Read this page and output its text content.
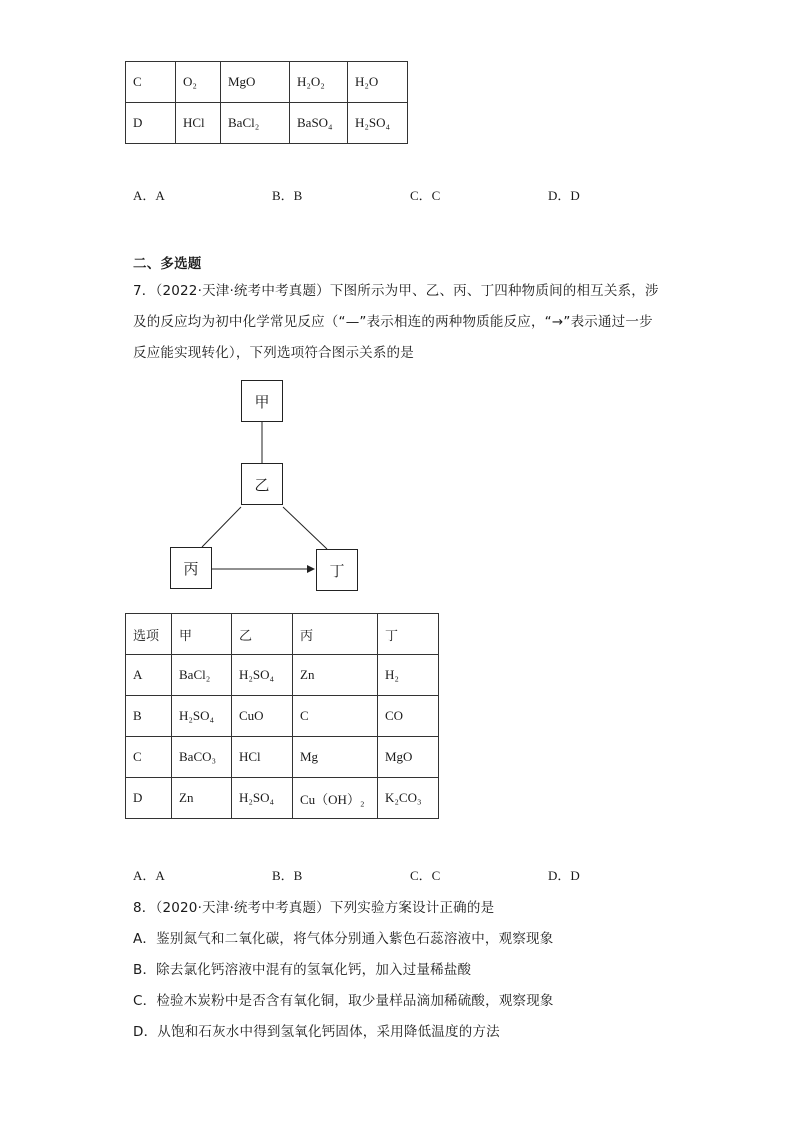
C	O₂	MgO	H₂O₂	H₂O
D	HCl	BaCl₂	BaSO₄	H₂SO₄
A．A	B．B	C．C	D．D
二、多选题
7．（2022·天津·统考中考真题）下图所示为甲、乙、丙、丁四种物质间的相互关系，涉
及的反应均为初中化学常见反应（“—”表示相连的两种物质能反应，“→”表示通过一步
反应能实现转化），下列选项符合图示关系的是
甲
乙
丙	丁
选项	甲	乙	丙	丁
A	BaCl₂	H₂SO₄	Zn	H₂
B	H₂SO₄	CuO	C	CO
C	BaCO₃	HCl	Mg	MgO
D	Zn	H₂SO₄	Cu（OH）₂	K₂CO₃
A．A	B．B	C．C	D．D
8．（2020·天津·统考中考真题）下列实验方案设计正确的是
A．鉴别氮气和二氧化碳，将气体分别通入紫色石蕊溶液中，观察现象
B．除去氯化钙溶液中混有的氢氧化钙，加入过量稀盐酸
C．检验木炭粉中是否含有氧化铜，取少量样品滴加稀硫酸，观察现象
D．从饱和石灰水中得到氢氧化钙固体，采用降低温度的方法
